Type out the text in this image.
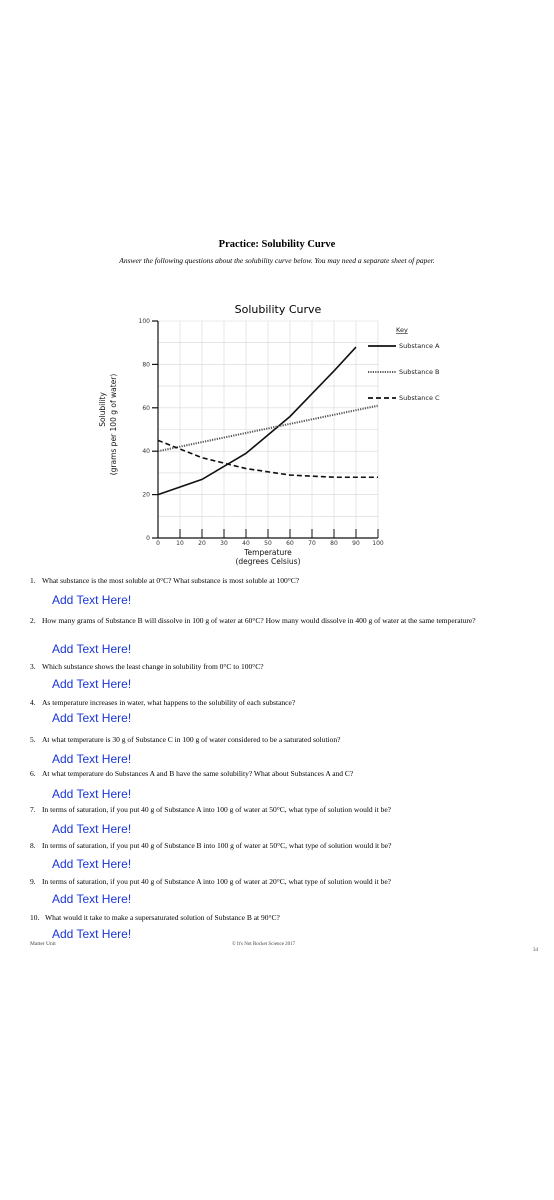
Practice: Solubility Curve
Answer the following questions about the solubility curve below. You may need a separate sheet of paper.
Solubility Curve
0
20
40
60
80
100
0	10 20 30 40 50 60 70 80 90 100
Temperature
(degrees Celsius)
Solubility (grams per 100 g of water)
Key
Substance A
Substance B
Substance C
1. What substance is the most soluble at 0°C? What substance is most soluble at 100°C?
Add Text Here!
2. How many grams of Substance B will dissolve in 100 g of water at 60°C? How many would dissolve in 400 g of water at the same temperature?
Add Text Here!
3. Which substance shows the least change in solubility from 0°C to 100°C?
Add Text Here!
4. As temperature increases in water, what happens to the solubility of each substance?
Add Text Here!
5. At what temperature is 30 g of Substance C in 100 g of water considered to be a saturated solution?
Add Text Here!
6. At what temperature do Substances A and B have the same solubility? What about Substances A and C?
Add Text Here!
7. In terms of saturation, if you put 40 g of Substance A into 100 g of water at 50°C, what type of solution would it be?
Add Text Here!
8. In terms of saturation, if you put 40 g of Substance B into 100 g of water at 50°C, what type of solution would it be?
Add Text Here!
9. In terms of saturation, if you put 40 g of Substance A into 100 g of water at 20°C, what type of solution would it be?
Add Text Here!
10. What would it take to make a supersaturated solution of Substance B at 90°C?
Add Text Here!
Matter Unit	© It's Not Rocket Science 2017
34
